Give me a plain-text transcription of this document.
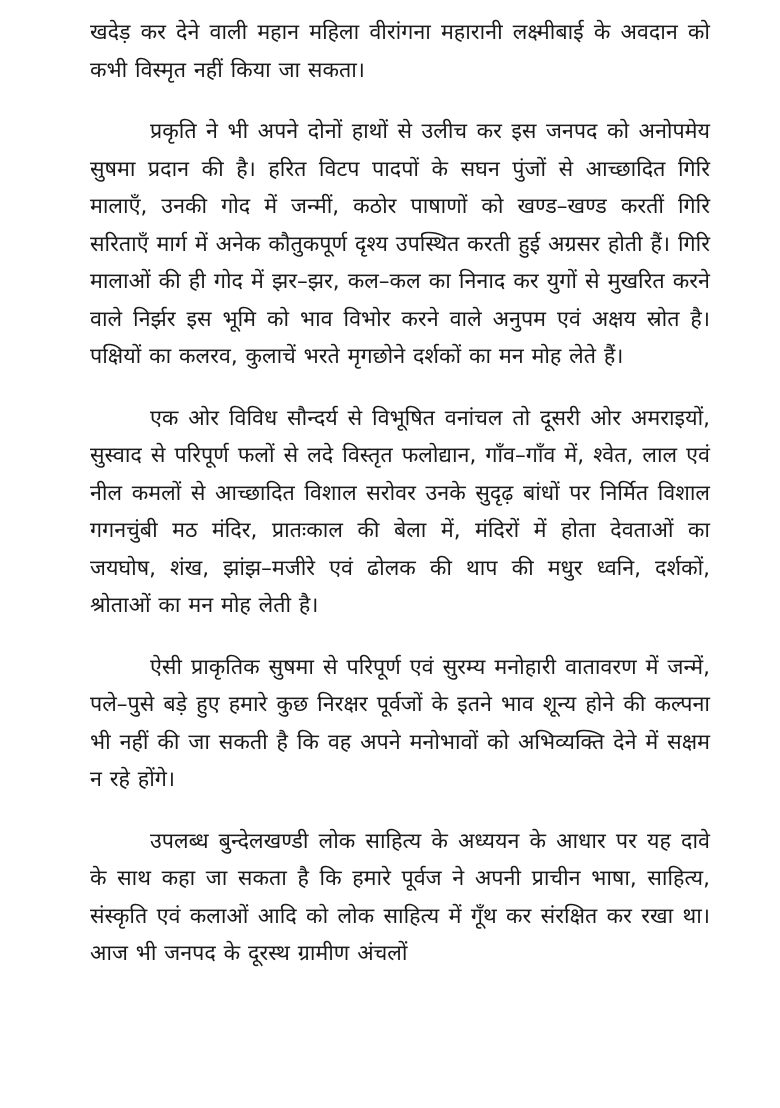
खदेड़ कर देने वाली महान महिला वीरांगना महारानी लक्ष्मीबाई के अवदान को कभी विस्मृत नहीं किया जा सकता।

प्रकृति ने भी अपने दोनों हाथों से उलीच कर इस जनपद को अनोपमेय सुषमा प्रदान की है। हरित विटप पादपों के सघन पुंजों से आच्छादित गिरि मालाएँ, उनकी गोद में जन्मीं, कठोर पाषाणों को खण्ड–खण्ड करतीं गिरि सरिताएँ मार्ग में अनेक कौतुकपूर्ण दृश्य उपस्थित करती हुई अग्रसर होती हैं। गिरि मालाओं की ही गोद में झर–झर, कल–कल का निनाद कर युगों से मुखरित करने वाले निर्झर इस भूमि को भाव विभोर करने वाले अनुपम एवं अक्षय स्रोत है। पक्षियों का कलरव, कुलाचें भरते मृगछोने दर्शकों का मन मोह लेते हैं।

एक ओर विविध सौन्दर्य से विभूषित वनांचल तो दूसरी ओर अमराइयों, सुस्वाद से परिपूर्ण फलों से लदे विस्तृत फलोद्यान, गाँव–गाँव में, श्वेत, लाल एवं नील कमलों से आच्छादित विशाल सरोवर उनके सुदृढ़ बांधों पर निर्मित विशाल गगनचुंबी मठ मंदिर, प्रातःकाल की बेला में, मंदिरों में होता देवताओं का जयघोष, शंख, झांझ–मजीरे एवं ढोलक की थाप की मधुर ध्वनि, दर्शकों, श्रोताओं का मन मोह लेती है।

ऐसी प्राकृतिक सुषमा से परिपूर्ण एवं सुरम्य मनोहारी वातावरण में जन्में, पले–पुसे बड़े हुए हमारे कुछ निरक्षर पूर्वजों के इतने भाव शून्य होने की कल्पना भी नहीं की जा सकती है कि वह अपने मनोभावों को अभिव्यक्ति देने में सक्षम न रहे होंगे।

उपलब्ध बुन्देलखण्डी लोक साहित्य के अध्ययन के आधार पर यह दावे के साथ कहा जा सकता है कि हमारे पूर्वज ने अपनी प्राचीन भाषा, साहित्य, संस्कृति एवं कलाओं आदि को लोक साहित्य में गूँथ कर संरक्षित कर रखा था। आज भी जनपद के दूरस्थ ग्रामीण अंचलों
